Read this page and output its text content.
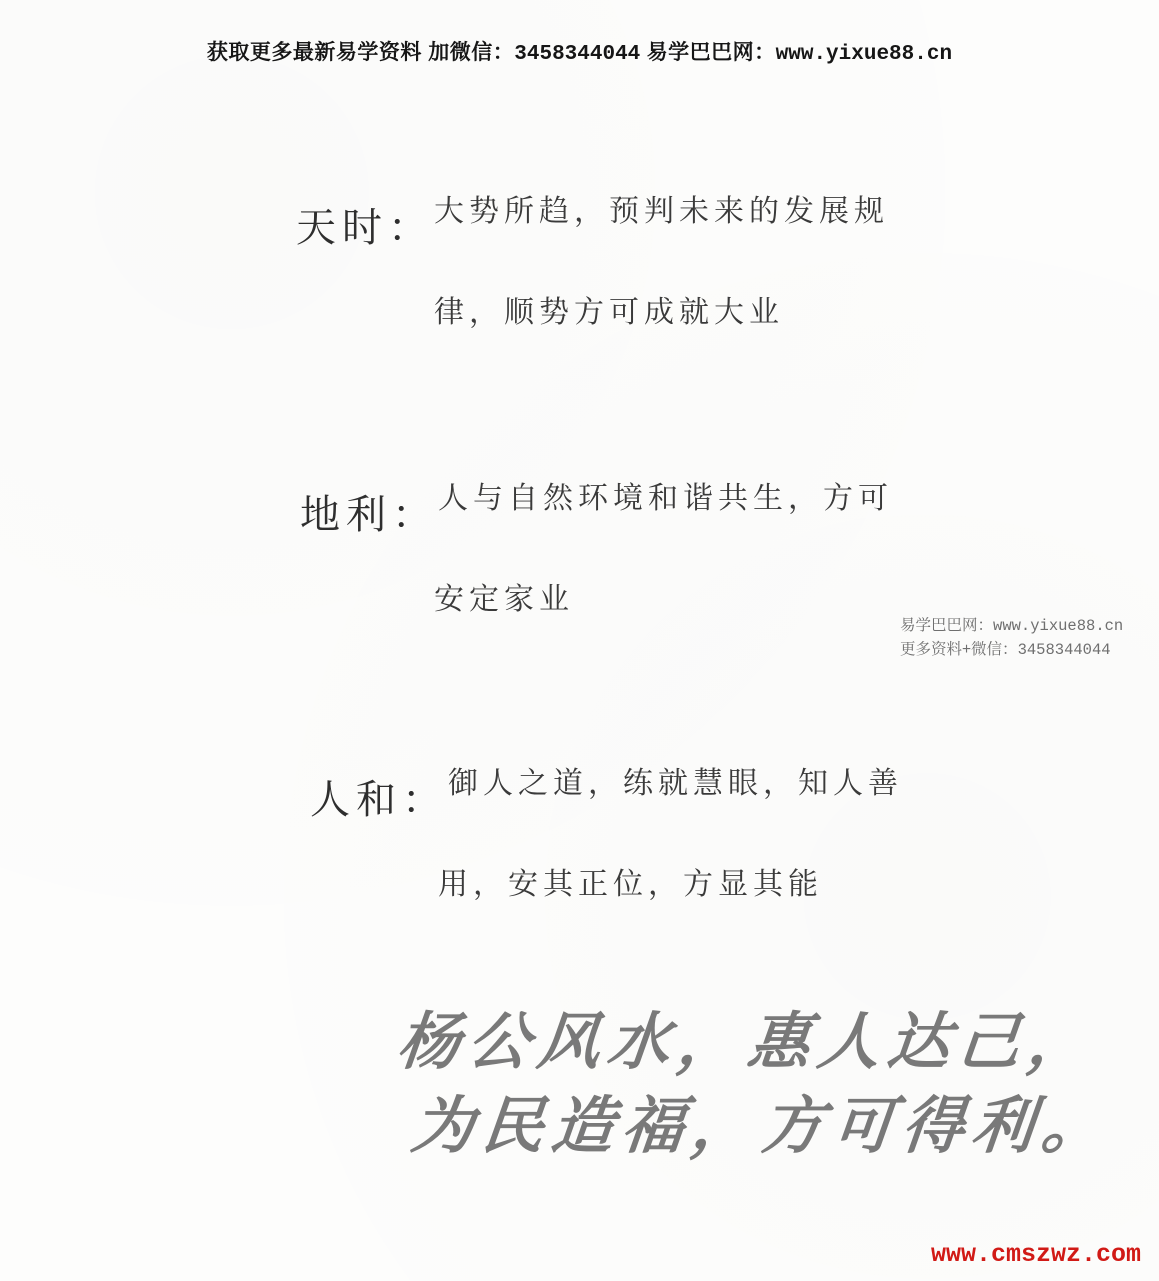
获取更多最新易学资料 加微信：3458344044 易学巴巴网：www.yixue88.cn
天时：大势所趋，预判未来的发展规
律，顺势方可成就大业
地利：人与自然环境和谐共生，方可
安定家业
人和：御人之道，练就慧眼，知人善
用，安其正位，方显其能
易学巴巴网：www.yixue88.cn
更多资料+微信：3458344044
杨公风水，惠人达己，
为民造福，方可得利。
www.cmszwz.com
